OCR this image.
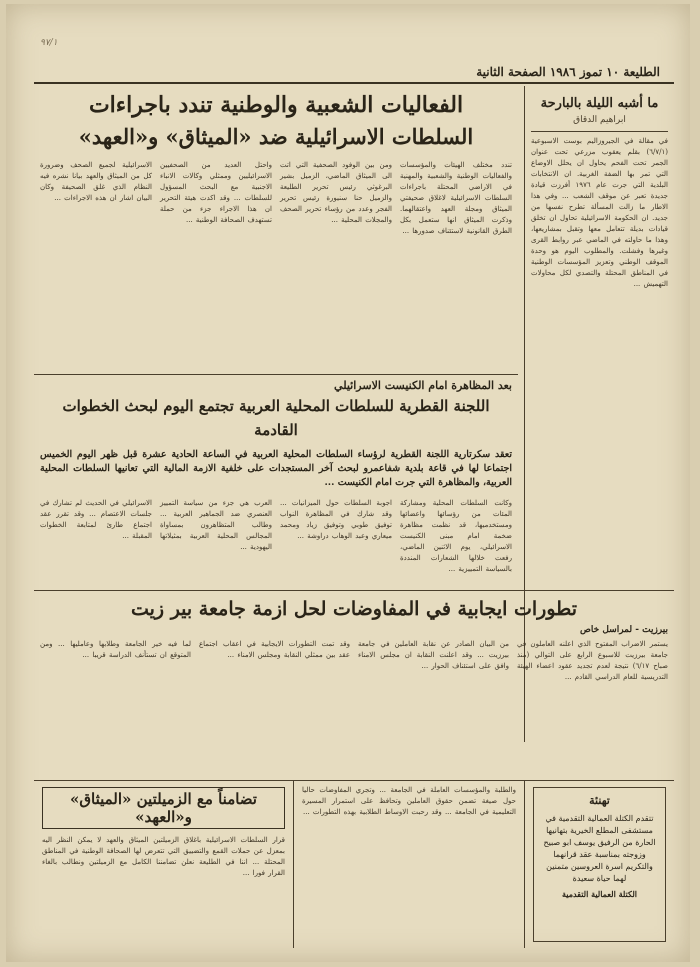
٩٧/١
الطليعة ١٠ تموز ١٩٨٦ الصفحة الثانية
ما أشبه الليلة بالبارحة
ابراهيم الدقاق
في مقالة في الجيروزاليم بوست الاسبوعية (٦/٧/١) بقلم يعقوب مزرعي تحت عنوان الجمر تحت الفحم يحاول ان يحلل الاوضاع التي تمر بها الضفة الغربية. ان الانتخابات البلدية التي جرت عام ١٩٧٦ أفرزت قيادة جديدة تعبر عن موقف الشعب ... وفي هذا الاطار ما زالت المسألة تطرح نفسها من جديد. ان الحكومة الاسرائيلية تحاول ان تخلق قيادات بديلة تتعامل معها وتقبل بمشاريعها، وهذا ما حاولته في الماضي عبر روابط القرى وغيرها وفشلت. والمطلوب اليوم هو وحدة الموقف الوطني وتعزيز المؤسسات الوطنية في المناطق المحتلة والتصدي لكل محاولات التهميش ...
الفعاليات الشعبية والوطنية تندد باجراءات
السلطات الاسرائيلية ضد «الميثاق» و«العهد»
تندد مختلف الهيئات والمؤسسات والفعاليات الوطنية والشعبية والمهنية في الاراضي المحتلة باجراءات السلطات الاسرائيلية لاغلاق صحيفتي الميثاق ومجلة العهد واعتقالهما. وذكرت الميثاق انها ستعمل بكل الطرق القانونية لاستئناف صدورها ...
ومن بين الوفود الصحفية التي اتت الى الميثاق الماضي، الزميل بشير البرغوثي رئيس تحرير الطليعة والزميل حنا سنيورة رئيس تحرير الفجر وعدد من رؤساء تحرير الصحف والمجلات المحلية ...
واحتل العديد من الصحفيين الاسرائيليين وممثلي وكالات الانباء الاجنبية مع البحث المسؤول للسلطات ... وقد اكدت هيئة التحرير ان هذا الاجراء جزء من حملة تستهدف الصحافة الوطنية ...
الاسرائيلية لجميع الصحف وضرورة كل من الميثاق والعهد بيانا نشره فيه النظام الذي غلق الصحيفة وكان البيان اشار ان هذه الاجراءات ...
بعد المظاهرة امام الكنيست الاسرائيلي
اللجنة القطرية للسلطات المحلية العربية تجتمع اليوم لبحث الخطوات القادمة
تعقد سكرتارية اللجنة القطرية لرؤساء السلطات المحلية العربية في الساعة الحادية عشرة قبل ظهر اليوم الخميس اجتماعا لها في قاعة بلدية شفاعمرو لبحث آخر المستجدات على خلفية الازمة المالية التي تعانيها السلطات المحلية العربية، والمظاهرة التي جرت امام الكنيست ...
وكانت السلطات المحلية ومشاركة المئات من رؤسائها واعضائها ومستخدميها، قد نظمت مظاهرة ضخمة امام مبنى الكنيست الاسرائيلي، يوم الاثنين الماضي، رفعت خلالها الشعارات المنددة بالسياسة التمييزية ...
اجوبة السلطات حول الميزانيات ... وقد شارك في المظاهرة النواب توفيق طوبي وتوفيق زياد ومحمد ميعاري وعبد الوهاب دراوشة ...
العرب هي جزء من سياسة التمييز العنصري ضد الجماهير العربية ... وطالب المتظاهرون بمساواة المجالس المحلية العربية بمثيلاتها اليهودية ...
الاسرائيلي في الحديث لم تشارك في جلسات الاعتصام ... وقد تقرر عقد اجتماع طارئ لمتابعة الخطوات المقبلة ...
تطورات ايجابية في المفاوضات لحل ازمة جامعة بير زيت
بيرزيت - لمراسل خاص
يستمر الاضراب المفتوح الذي اعلنه العاملون في جامعة بيرزيت للاسبوع الرابع على التوالي (منذ صباح ٦/١٧) نتيجة لعدم تجديد عقود اعضاء الهيئة التدريسية للعام الدراسي القادم ...
من البيان الصادر عن نقابة العاملين في جامعة بيرزيت ... وقد اعلنت النقابة ان مجلس الامناء وافق على استئناف الحوار ...
وقد تمت التطورات الايجابية في اعقاب اجتماع عقد بين ممثلي النقابة ومجلس الامناء ...
لما فيه خير الجامعة وطلابها وعامليها ... ومن المتوقع ان تستأنف الدراسة قريبا ...
تهنئة
تتقدم الكتلة العمالية التقدمية في مستشفى المطلع الخيرية بتهانيها الحارة من الرفيق يوسف ابو صبيح وزوجته بمناسبة عقد قرانهما والتكريم اسرة العروسين متمنين لهما حياة سعيدة
الكتلة العمالية التقدمية
والطلبة والمؤسسات العاملة في الجامعة ... وتجري المفاوضات حاليا حول صيغة تضمن حقوق العاملين وتحافظ على استمرار المسيرة التعليمية في الجامعة ... وقد رحبت الاوساط الطلابية بهذه التطورات ...
تضامناً مع الزميلتين «الميثاق» و«العهد»
قرار السلطات الاسرائيلية باغلاق الزميلتين الميثاق والعهد لا يمكن النظر اليه بمعزل عن حملات القمع والتضييق التي تتعرض لها الصحافة الوطنية في المناطق المحتلة ... اننا في الطليعة نعلن تضامننا الكامل مع الزميلتين ونطالب بالغاء القرار فورا ...
